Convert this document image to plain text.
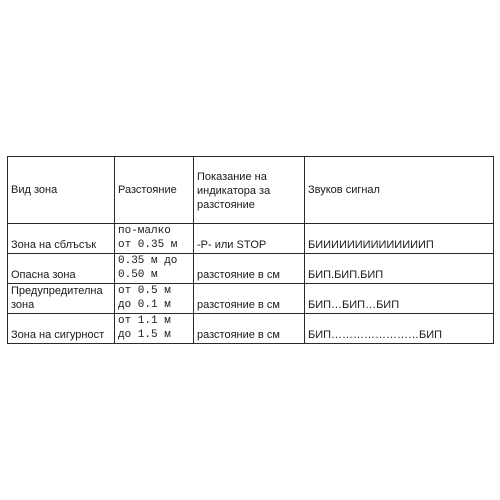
Вид зона	Разстояние	Показание на индикатора за разстояние	Звуков сигнал
Зона на сблъсък	по-малко от 0.35 м	-P- или STOP	БИИИИИИИИИИИИИИП
Опасна зона	0.35 м до 0.50 м	разстояние в см	БИП.БИП.БИП
Предупредителна зона	от 0.5 м до 0.1 м	разстояние в см	БИП…БИП…БИП
Зона на сигурност	от 1.1 м до 1.5 м	разстояние в см	БИП……………………БИП
